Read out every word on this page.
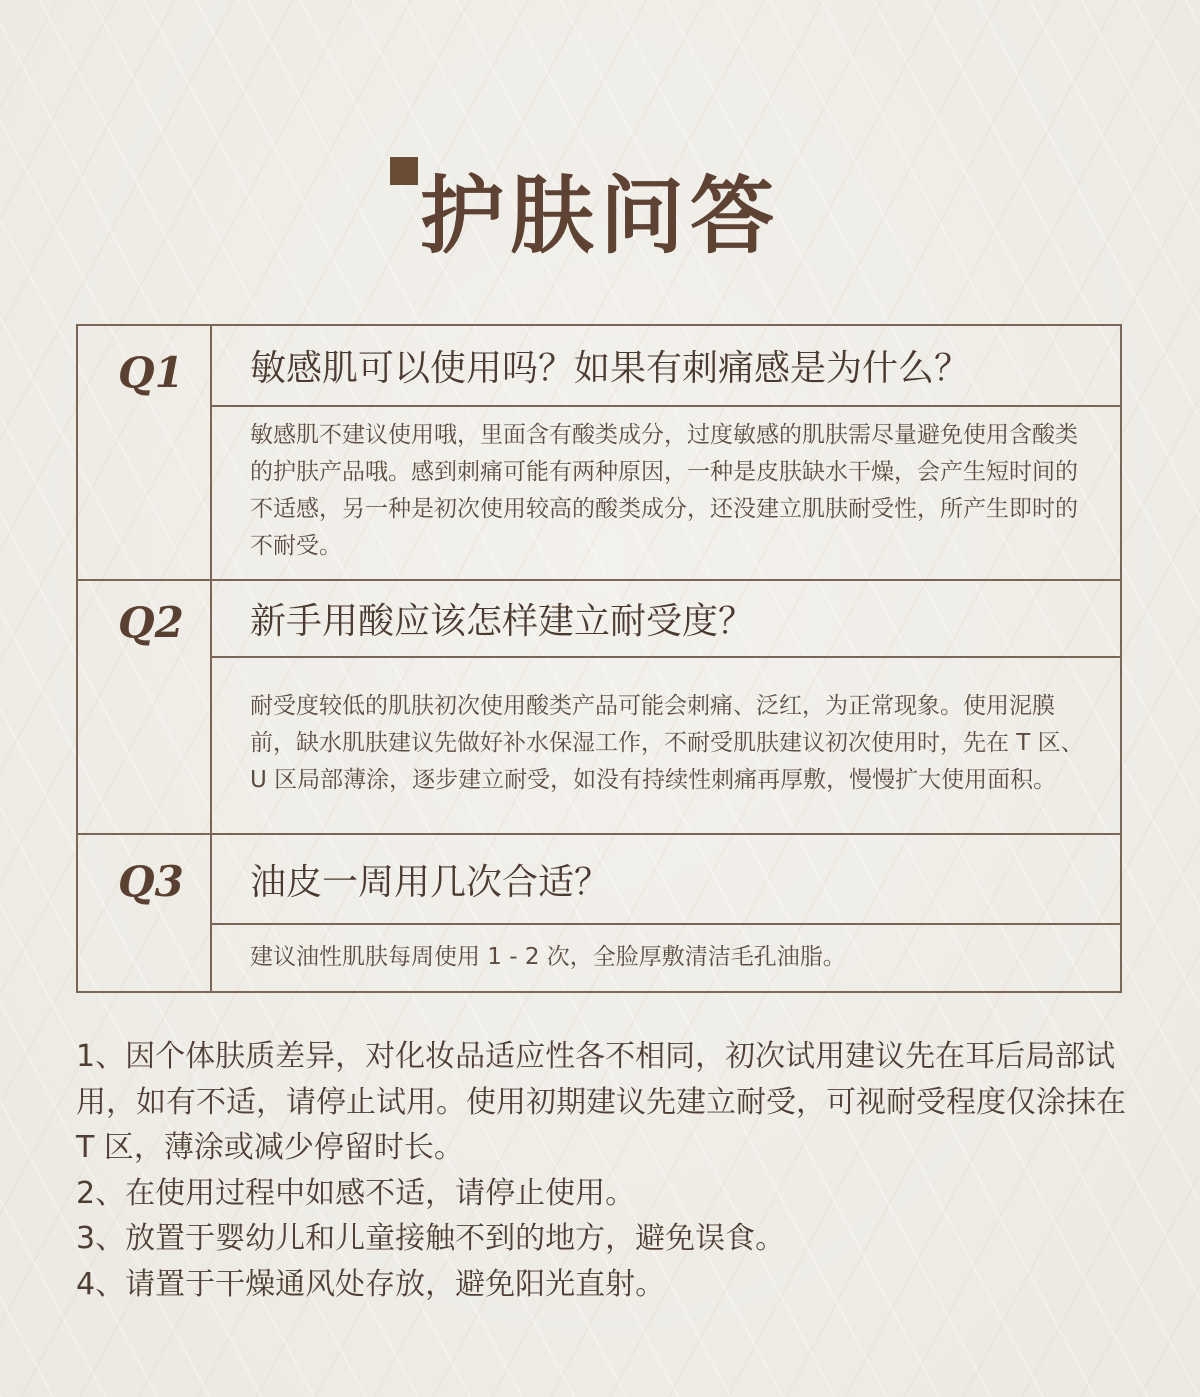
护肤问答
Q1	敏感肌可以使用吗？如果有刺痛感是为什么？
敏感肌不建议使用哦，里面含有酸类成分，过度敏感的肌肤需尽量避免使用含酸类的护肤产品哦。感到刺痛可能有两种原因，一种是皮肤缺水干燥，会产生短时间的不适感，另一种是初次使用较高的酸类成分，还没建立肌肤耐受性，所产生即时的不耐受。
Q2	新手用酸应该怎样建立耐受度？
耐受度较低的肌肤初次使用酸类产品可能会刺痛、泛红，为正常现象。使用泥膜前，缺水肌肤建议先做好补水保湿工作，不耐受肌肤建议初次使用时，先在 T 区、U 区局部薄涂，逐步建立耐受，如没有持续性刺痛再厚敷，慢慢扩大使用面积。
Q3	油皮一周用几次合适？
建议油性肌肤每周使用 1 - 2 次，全脸厚敷清洁毛孔油脂。

1、因个体肤质差异，对化妆品适应性各不相同，初次试用建议先在耳后局部试用，如有不适，请停止试用。使用初期建议先建立耐受，可视耐受程度仅涂抹在 T 区，薄涂或减少停留时长。

2、在使用过程中如感不适，请停止使用。

3、放置于婴幼儿和儿童接触不到的地方，避免误食。

4、请置于干燥通风处存放，避免阳光直射。
